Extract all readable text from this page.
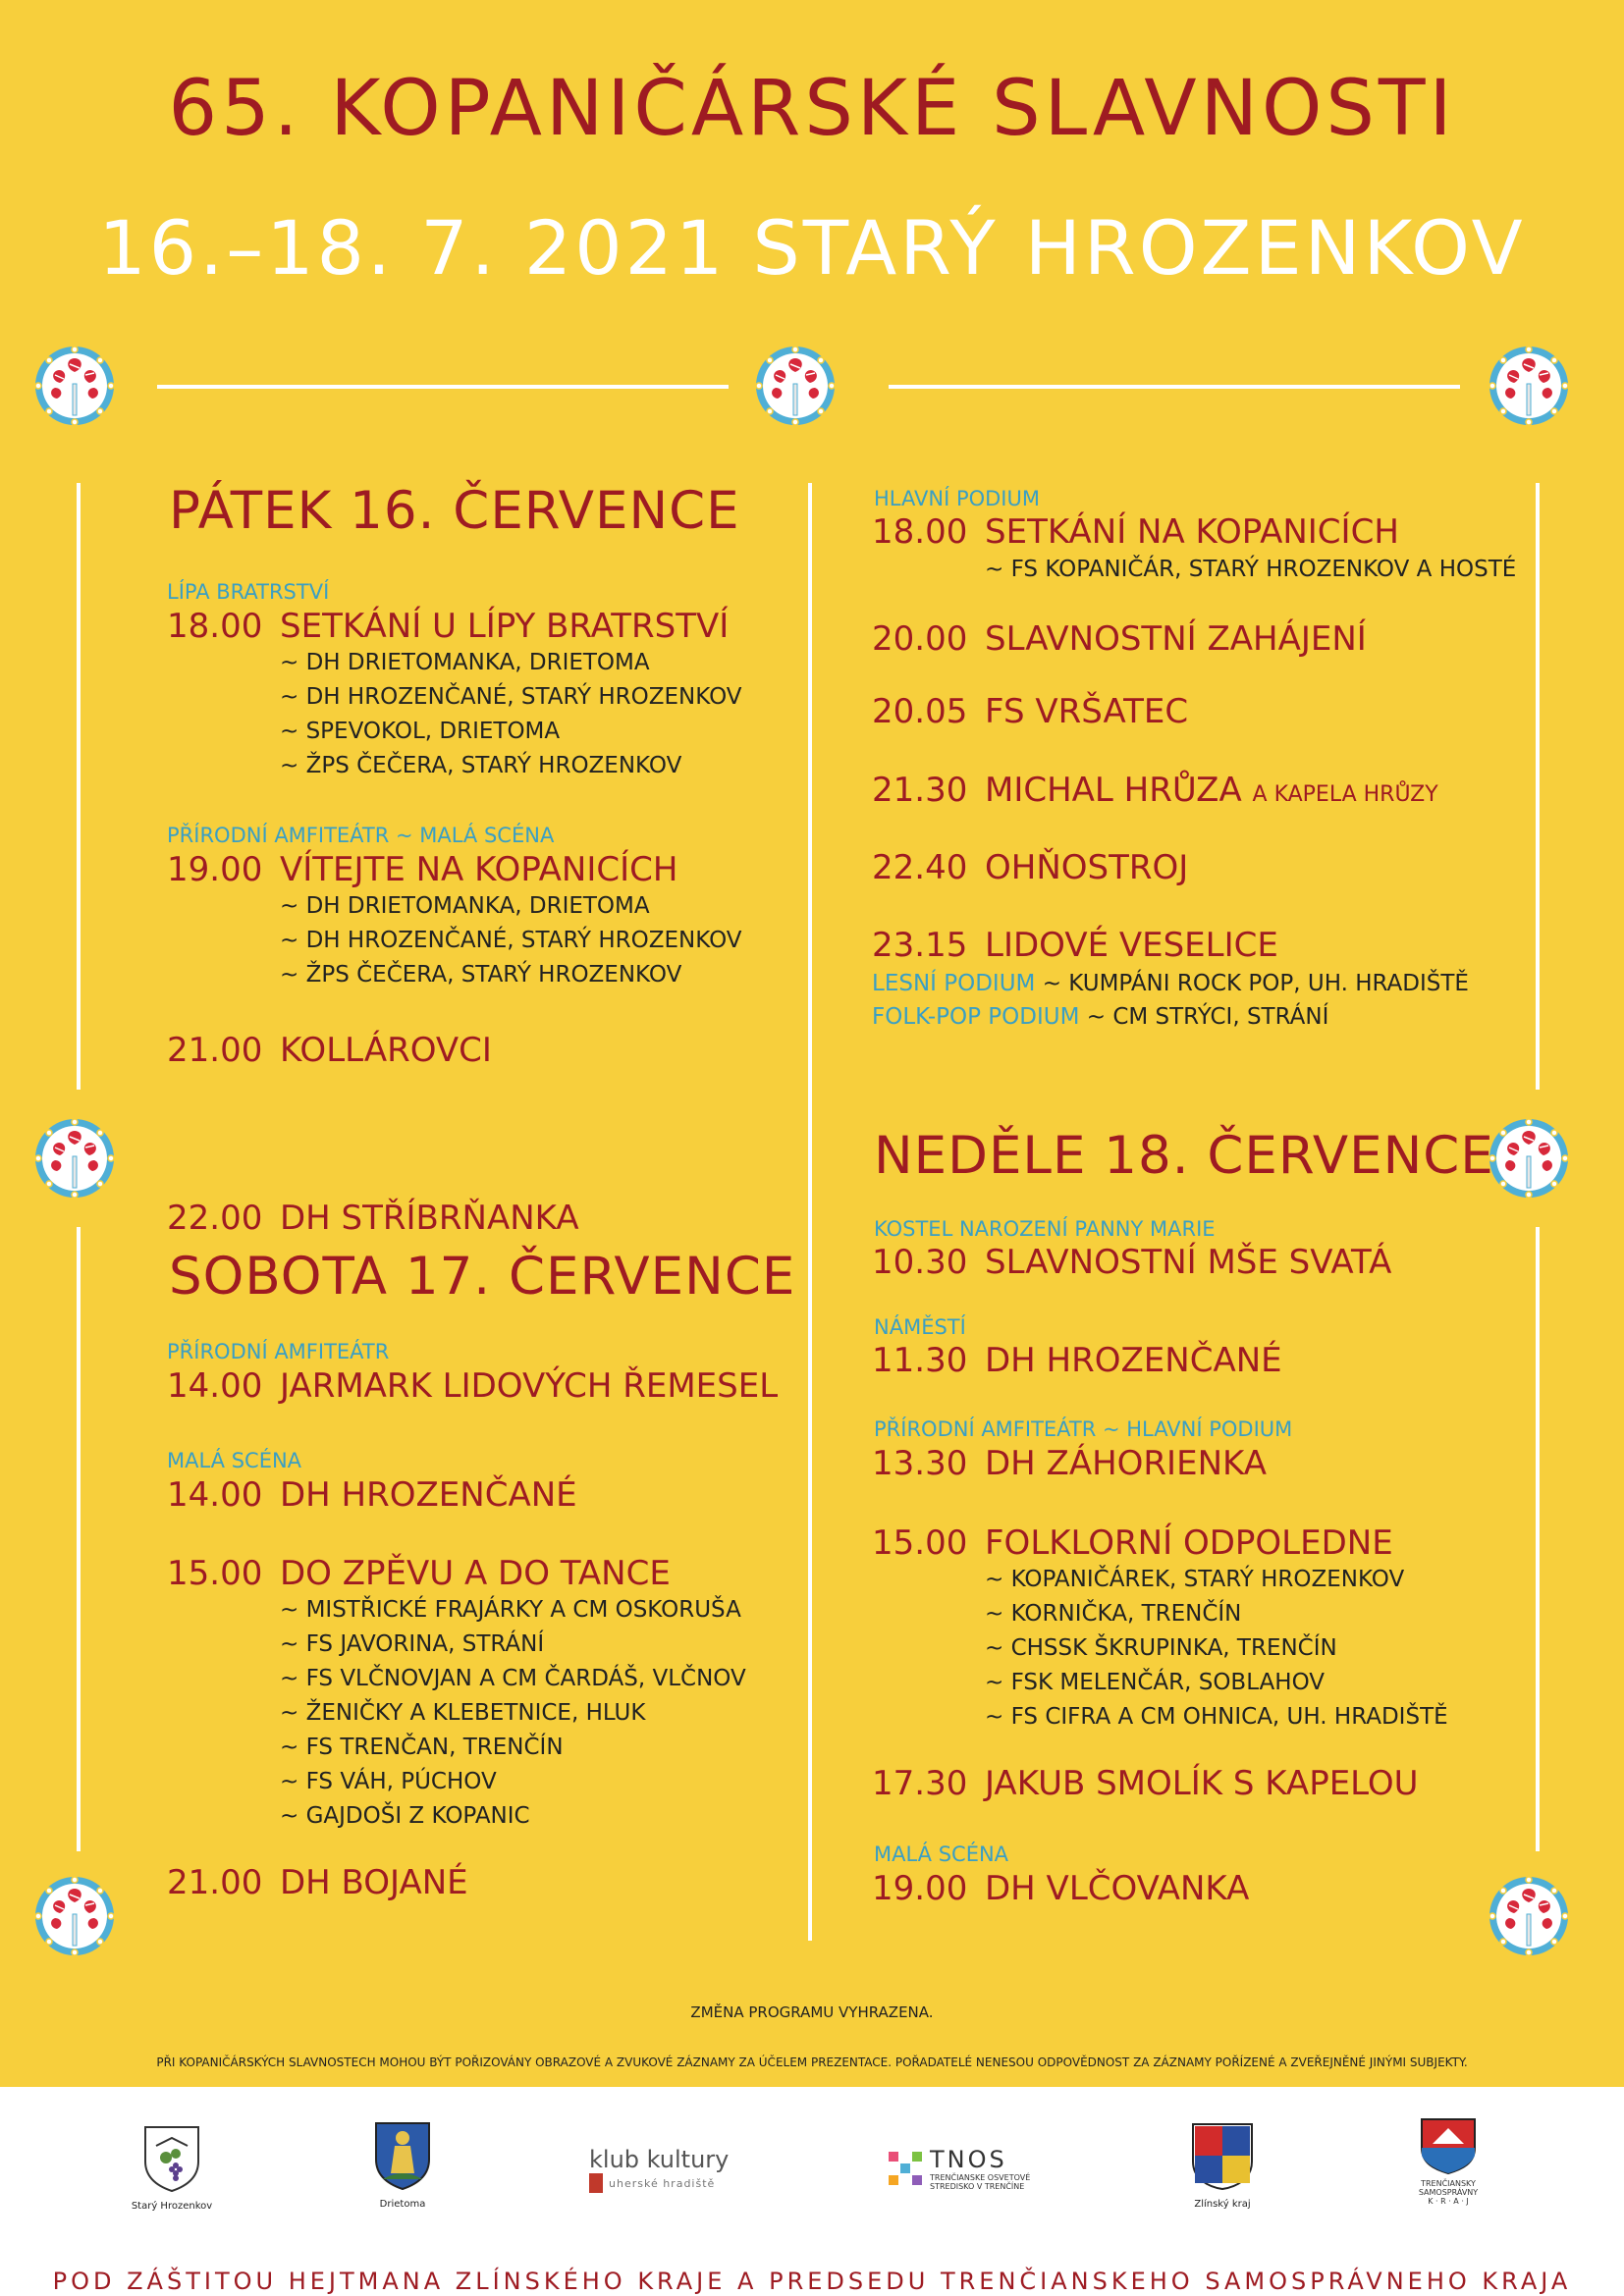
65. KOPANIČÁRSKÉ SLAVNOSTI
16.–18. 7. 2021 STARÝ HROZENKOV
PÁTEK 16. ČERVENCE
LÍPA BRATRSTVÍ
18.00 SETKÁNÍ U LÍPY BRATRSTVÍ
~ DH DRIETOMANKA, DRIETOMA
~ DH HROZENČANÉ, STARÝ HROZENKOV
~ SPEVOKOL, DRIETOMA
~ ŽPS ČEČERA, STARÝ HROZENKOV
PŘÍRODNÍ AMFITEÁTR ~ MALÁ SCÉNA
19.00 VÍTEJTE NA KOPANICÍCH
~ DH DRIETOMANKA, DRIETOMA
~ DH HROZENČANÉ, STARÝ HROZENKOV
~ ŽPS ČEČERA, STARÝ HROZENKOV
21.00 KOLLÁROVCI
22.00 DH STŘÍBRŇANKA
SOBOTA 17. ČERVENCE
PŘÍRODNÍ AMFITEÁTR
14.00 JARMARK LIDOVÝCH ŘEMESEL
MALÁ SCÉNA
14.00 DH HROZENČANÉ
15.00 DO ZPĚVU A DO TANCE
~ MISTŘICKÉ FRAJÁRKY A CM OSKORUŠA
~ FS JAVORINA, STRÁNÍ
~ FS VLČNOVJAN A CM ČARDÁŠ, VLČNOV
~ ŽENIČKY A KLEBETNICE, HLUK
~ FS TRENČAN, TRENČÍN
~ FS VÁH, PÚCHOV
~ GAJDOŠI Z KOPANIC
21.00 DH BOJANÉ
HLAVNÍ PODIUM
18.00 SETKÁNÍ NA KOPANICÍCH
~ FS KOPANIČÁR, STARÝ HROZENKOV A HOSTÉ
20.00 SLAVNOSTNÍ ZAHÁJENÍ
20.05 FS VRŠATEC
21.30 MICHAL HRŮZA A KAPELA HRŮZY
22.40 OHŇOSTROJ
23.15 LIDOVÉ VESELICE
LESNÍ PODIUM ~ KUMPÁNI ROCK POP, UH. HRADIŠTĚ
FOLK-POP PODIUM ~ CM STRÝCI, STRÁNÍ
NEDĚLE 18. ČERVENCE
KOSTEL NAROZENÍ PANNY MARIE
10.30 SLAVNOSTNÍ MŠE SVATÁ
NÁMĚSTÍ
11.30 DH HROZENČANÉ
PŘÍRODNÍ AMFITEÁTR ~ HLAVNÍ PODIUM
13.30 DH ZÁHORIENKA
15.00 FOLKLORNÍ ODPOLEDNE
~ KOPANIČÁREK, STARÝ HROZENKOV
~ KORNIČKA, TRENČÍN
~ CHSSK ŠKRUPINKA, TRENČÍN
~ FSK MELENČÁR, SOBLAHOV
~ FS CIFRA A CM OHNICA, UH. HRADIŠTĚ
17.30 JAKUB SMOLÍK S KAPELOU
MALÁ SCÉNA
19.00 DH VLČOVANKA
ZMĚNA PROGRAMU VYHRAZENA.
PŘI KOPANIČÁRSKÝCH SLAVNOSTECH MOHOU BÝT POŘIZOVÁNY OBRAZOVÉ A ZVUKOVÉ ZÁZNAMY ZA ÚČELEM PREZENTACE. POŘADATELÉ NENESOU ODPOVĚDNOST ZA ZÁZNAMY POŘÍZENÉ A ZVEŘEJNĚNÉ JINÝMI SUBJEKTY.
Starý Hrozenkov	Drietoma
klub kultury
uherské hradiště
TNOS
TRENČIANSKE OSVETOVÉ
STREDISKO V TRENČÍNE
Zlínský kraj
TRENČIANSKY
SAMOSPRÁVNY
K · R · A · J
POD ZÁŠTITOU HEJTMANA ZLÍNSKÉHO KRAJE A PREDSEDU TRENČIANSKEHO SAMOSPRÁVNEHO KRAJA
